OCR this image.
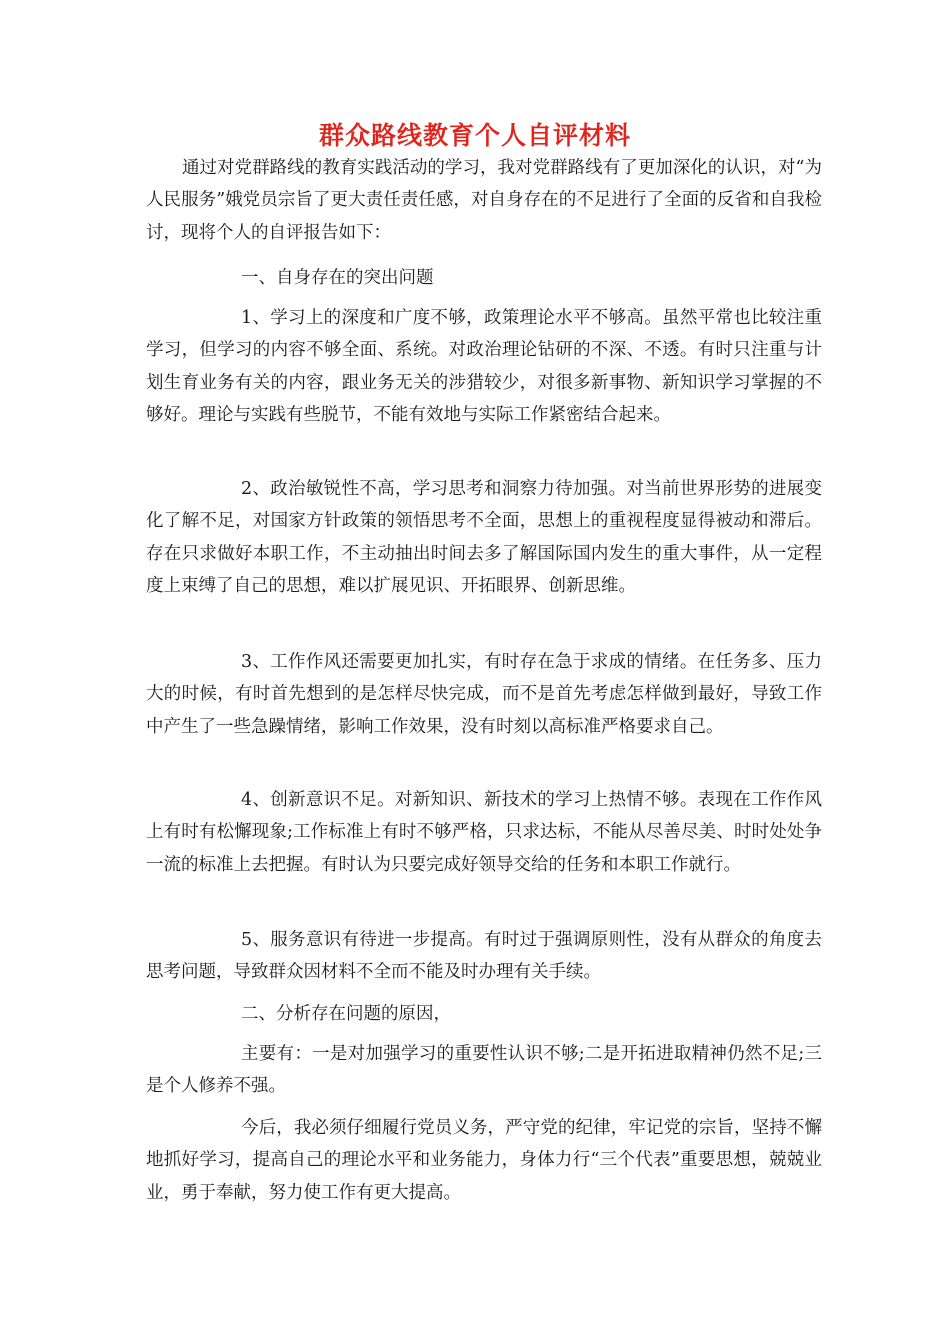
群众路线教育个人自评材料

通过对党群路线的教育实践活动的学习，我对党群路线有了更加深化的认识，对“为人民服务”娥党员宗旨了更大责任责任感，对自身存在的不足进行了全面的反省和自我检讨，现将个人的自评报告如下：

一、自身存在的突出问题

1、学习上的深度和广度不够，政策理论水平不够高。虽然平常也比较注重学习，但学习的内容不够全面、系统。对政治理论钻研的不深、不透。有时只注重与计划生育业务有关的内容，跟业务无关的涉猎较少，对很多新事物、新知识学习掌握的不够好。理论与实践有些脱节，不能有效地与实际工作紧密结合起来。

2、政治敏锐性不高，学习思考和洞察力待加强。对当前世界形势的进展变化了解不足，对国家方针政策的领悟思考不全面，思想上的重视程度显得被动和滞后。存在只求做好本职工作，不主动抽出时间去多了解国际国内发生的重大事件，从一定程度上束缚了自己的思想，难以扩展见识、开拓眼界、创新思维。

3、工作作风还需要更加扎实，有时存在急于求成的情绪。在任务多、压力大的时候，有时首先想到的是怎样尽快完成，而不是首先考虑怎样做到最好，导致工作中产生了一些急躁情绪，影响工作效果，没有时刻以高标准严格要求自己。

4、创新意识不足。对新知识、新技术的学习上热情不够。表现在工作作风上有时有松懈现象;工作标准上有时不够严格，只求达标，不能从尽善尽美、时时处处争一流的标准上去把握。有时认为只要完成好领导交给的任务和本职工作就行。

5、服务意识有待进一步提高。有时过于强调原则性，没有从群众的角度去思考问题，导致群众因材料不全而不能及时办理有关手续。

二、分析存在问题的原因，

主要有：一是对加强学习的重要性认识不够;二是开拓进取精神仍然不足;三是个人修养不强。

今后，我必须仔细履行党员义务，严守党的纪律，牢记党的宗旨，坚持不懈地抓好学习，提高自己的理论水平和业务能力，身体力行“三个代表”重要思想，兢兢业业，勇于奉献，努力使工作有更大提高。
